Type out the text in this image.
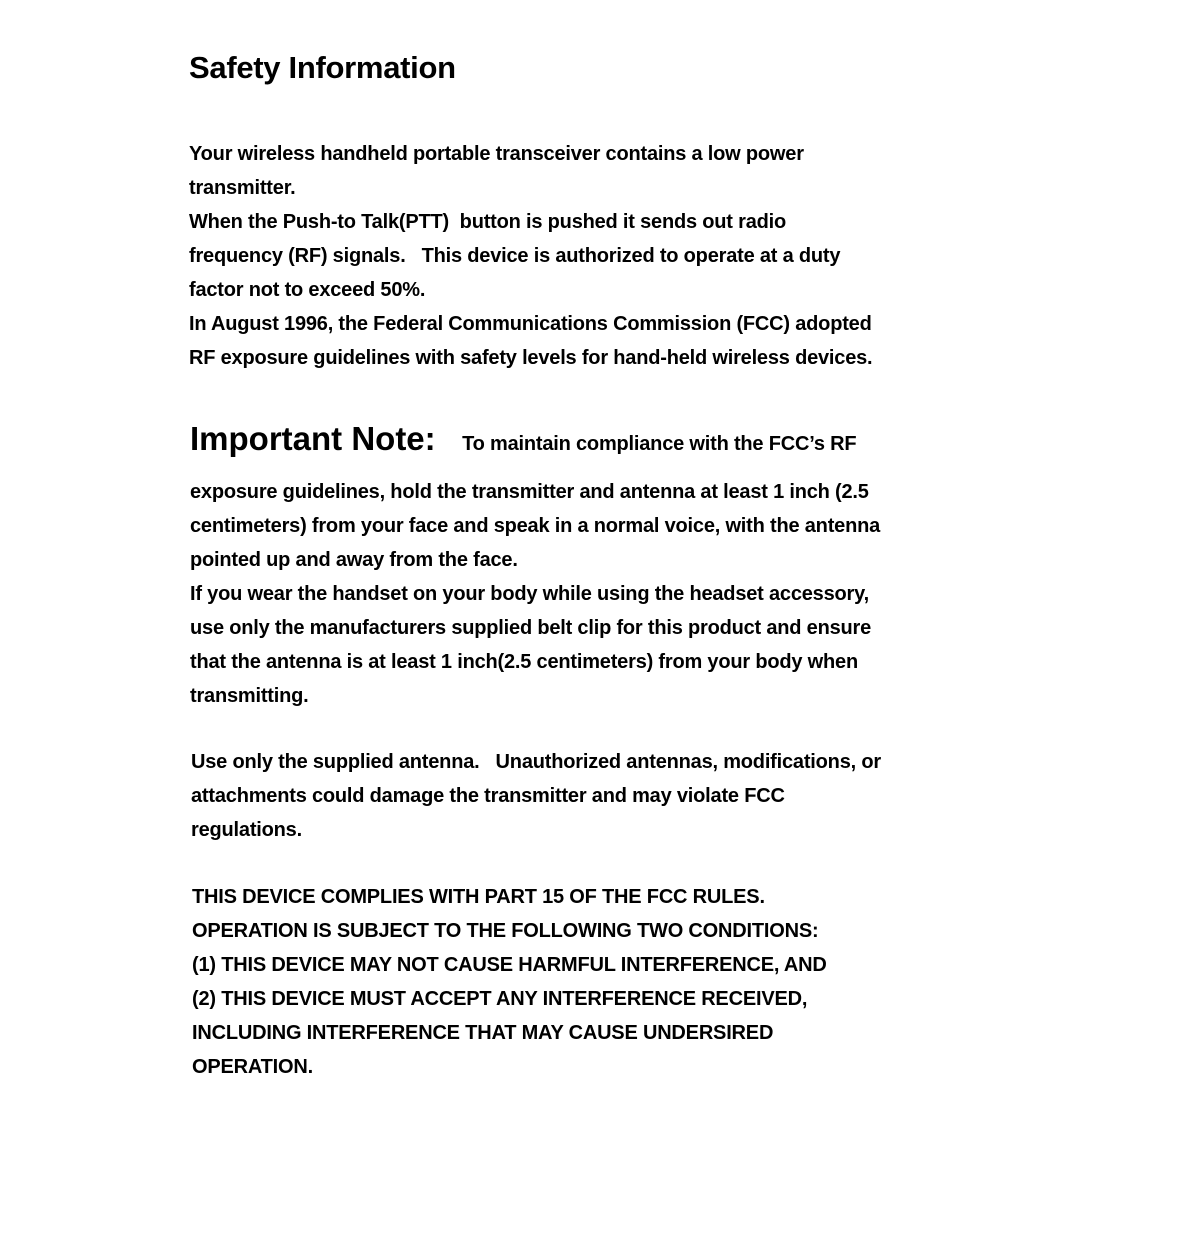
Safety Information

Your wireless handheld portable transceiver contains a low power
transmitter.
When the Push-to Talk(PTT)  button is pushed it sends out radio
frequency (RF) signals.   This device is authorized to operate at a duty
factor not to exceed 50%.
In August 1996, the Federal Communications Commission (FCC) adopted
RF exposure guidelines with safety levels for hand-held wireless devices.

Important Note: To maintain compliance with the FCC’s RF

exposure guidelines, hold the transmitter and antenna at least 1 inch (2.5
centimeters) from your face and speak in a normal voice, with the antenna
pointed up and away from the face.
If you wear the handset on your body while using the headset accessory,
use only the manufacturers supplied belt clip for this product and ensure
that the antenna is at least 1 inch(2.5 centimeters) from your body when
transmitting.

Use only the supplied antenna.   Unauthorized antennas, modifications, or
attachments could damage the transmitter and may violate FCC
regulations.

THIS DEVICE COMPLIES WITH PART 15 OF THE FCC RULES.
OPERATION IS SUBJECT TO THE FOLLOWING TWO CONDITIONS:
(1) THIS DEVICE MAY NOT CAUSE HARMFUL INTERFERENCE, AND
(2) THIS DEVICE MUST ACCEPT ANY INTERFERENCE RECEIVED,
INCLUDING INTERFERENCE THAT MAY CAUSE UNDERSIRED
OPERATION.
